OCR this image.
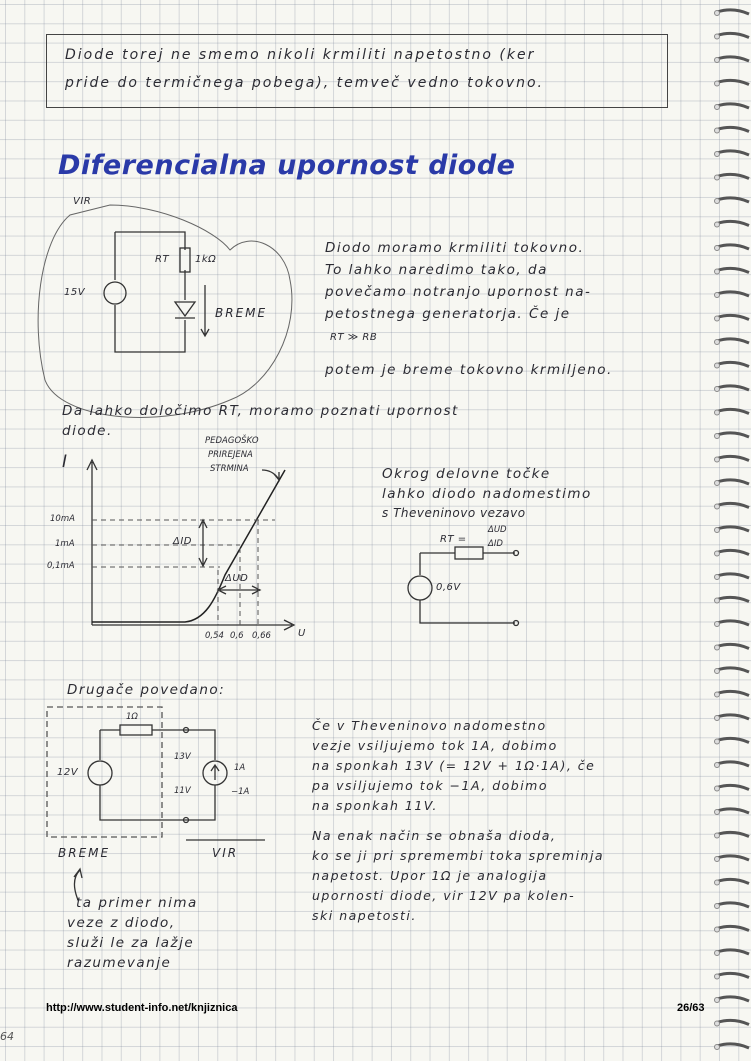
Diode torej ne smemo nikoli krmiliti napetostno (ker
pride do termičnega pobega), temveč vedno tokovno.
Diferencialna upornost diode
VIR
15V
RT	1kΩ
BREME
Diodo moramo krmiliti tokovno.
To lahko naredimo tako, da
povečamo notranjo upornost na-
petostnega generatorja. Če je
RT ≫ RB
potem je breme tokovno krmiljeno.
Da lahko določimo RT, moramo poznati upornost
diode.
I
U
PEDAGOŠKO
PRIREJENA
STRMINA
10mA
1mA
0,1mA
0,54 0,6 0,66
ΔID
ΔUD
Okrog delovne točke
lahko diodo nadomestimo
s Theveninovo vezavo
RT =
ΔUD
ΔID
0,6V
Drugače povedano:
1Ω
12V
13V
11V
1A
−1A
BREME	VIR
Če v Theveninovo nadomestno
vezje vsiljujemo tok 1A, dobimo
na sponkah 13V (= 12V + 1Ω·1A), če
pa vsiljujemo tok −1A, dobimo
na sponkah 11V.
Na enak način se obnaša dioda,
ko se ji pri spremembi toka spreminja
napetost. Upor 1Ω je analogija
upornosti diode, vir 12V pa kolen-
ski napetosti.
ta primer nima
veze z diodo,
služi le za lažje
razumevanje
http://www.student-info.net/knjiznica	26/63
64
